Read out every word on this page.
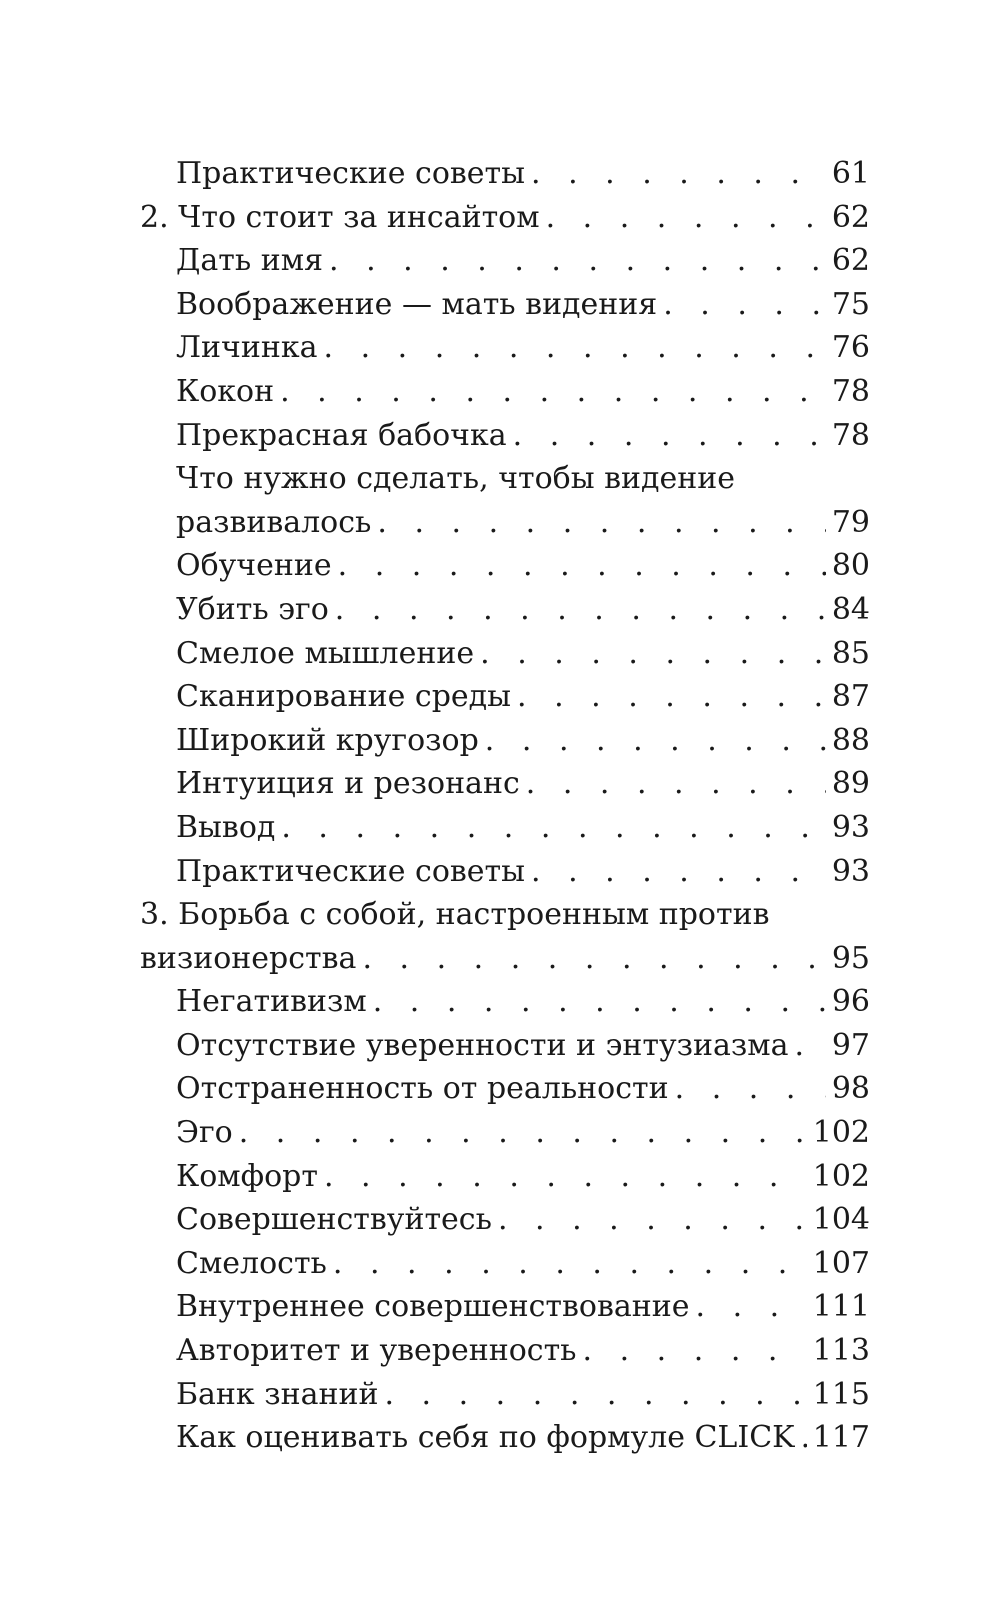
Практические советы . . .	61
2. Что стоит за инсайтом . . .	62
Дать имя . . .	62
Воображение — мать видения . . .	75
Личинка . . .	76
Кокон . . .	78
Прекрасная бабочка . . .	78
Что нужно сделать, чтобы видение
развивалось . . .	79
Обучение . . .	80
Убить эго . . .	84
Смелое мышление . . .	85
Сканирование среды . . .	87
Широкий кругозор . . .	88
Интуиция и резонанс . . .	89
Вывод . . .	93
Практические советы . . .	93
3. Борьба с собой, настроенным против
визионерства . . .	95
Негативизм . . .	96
Отсутствие уверенности и энтузиазма . . . 97
Отстраненность от реальности . . .	98
Эго . . .	102
Комфорт . . .	102
Совершенствуйтесь . . .	104
Смелость . . .	107
Внутреннее совершенствование . . .	111
Авторитет и уверенность . . .	113
Банк знаний . . .	115
Как оценивать себя по формуле CLICK . . . 117
